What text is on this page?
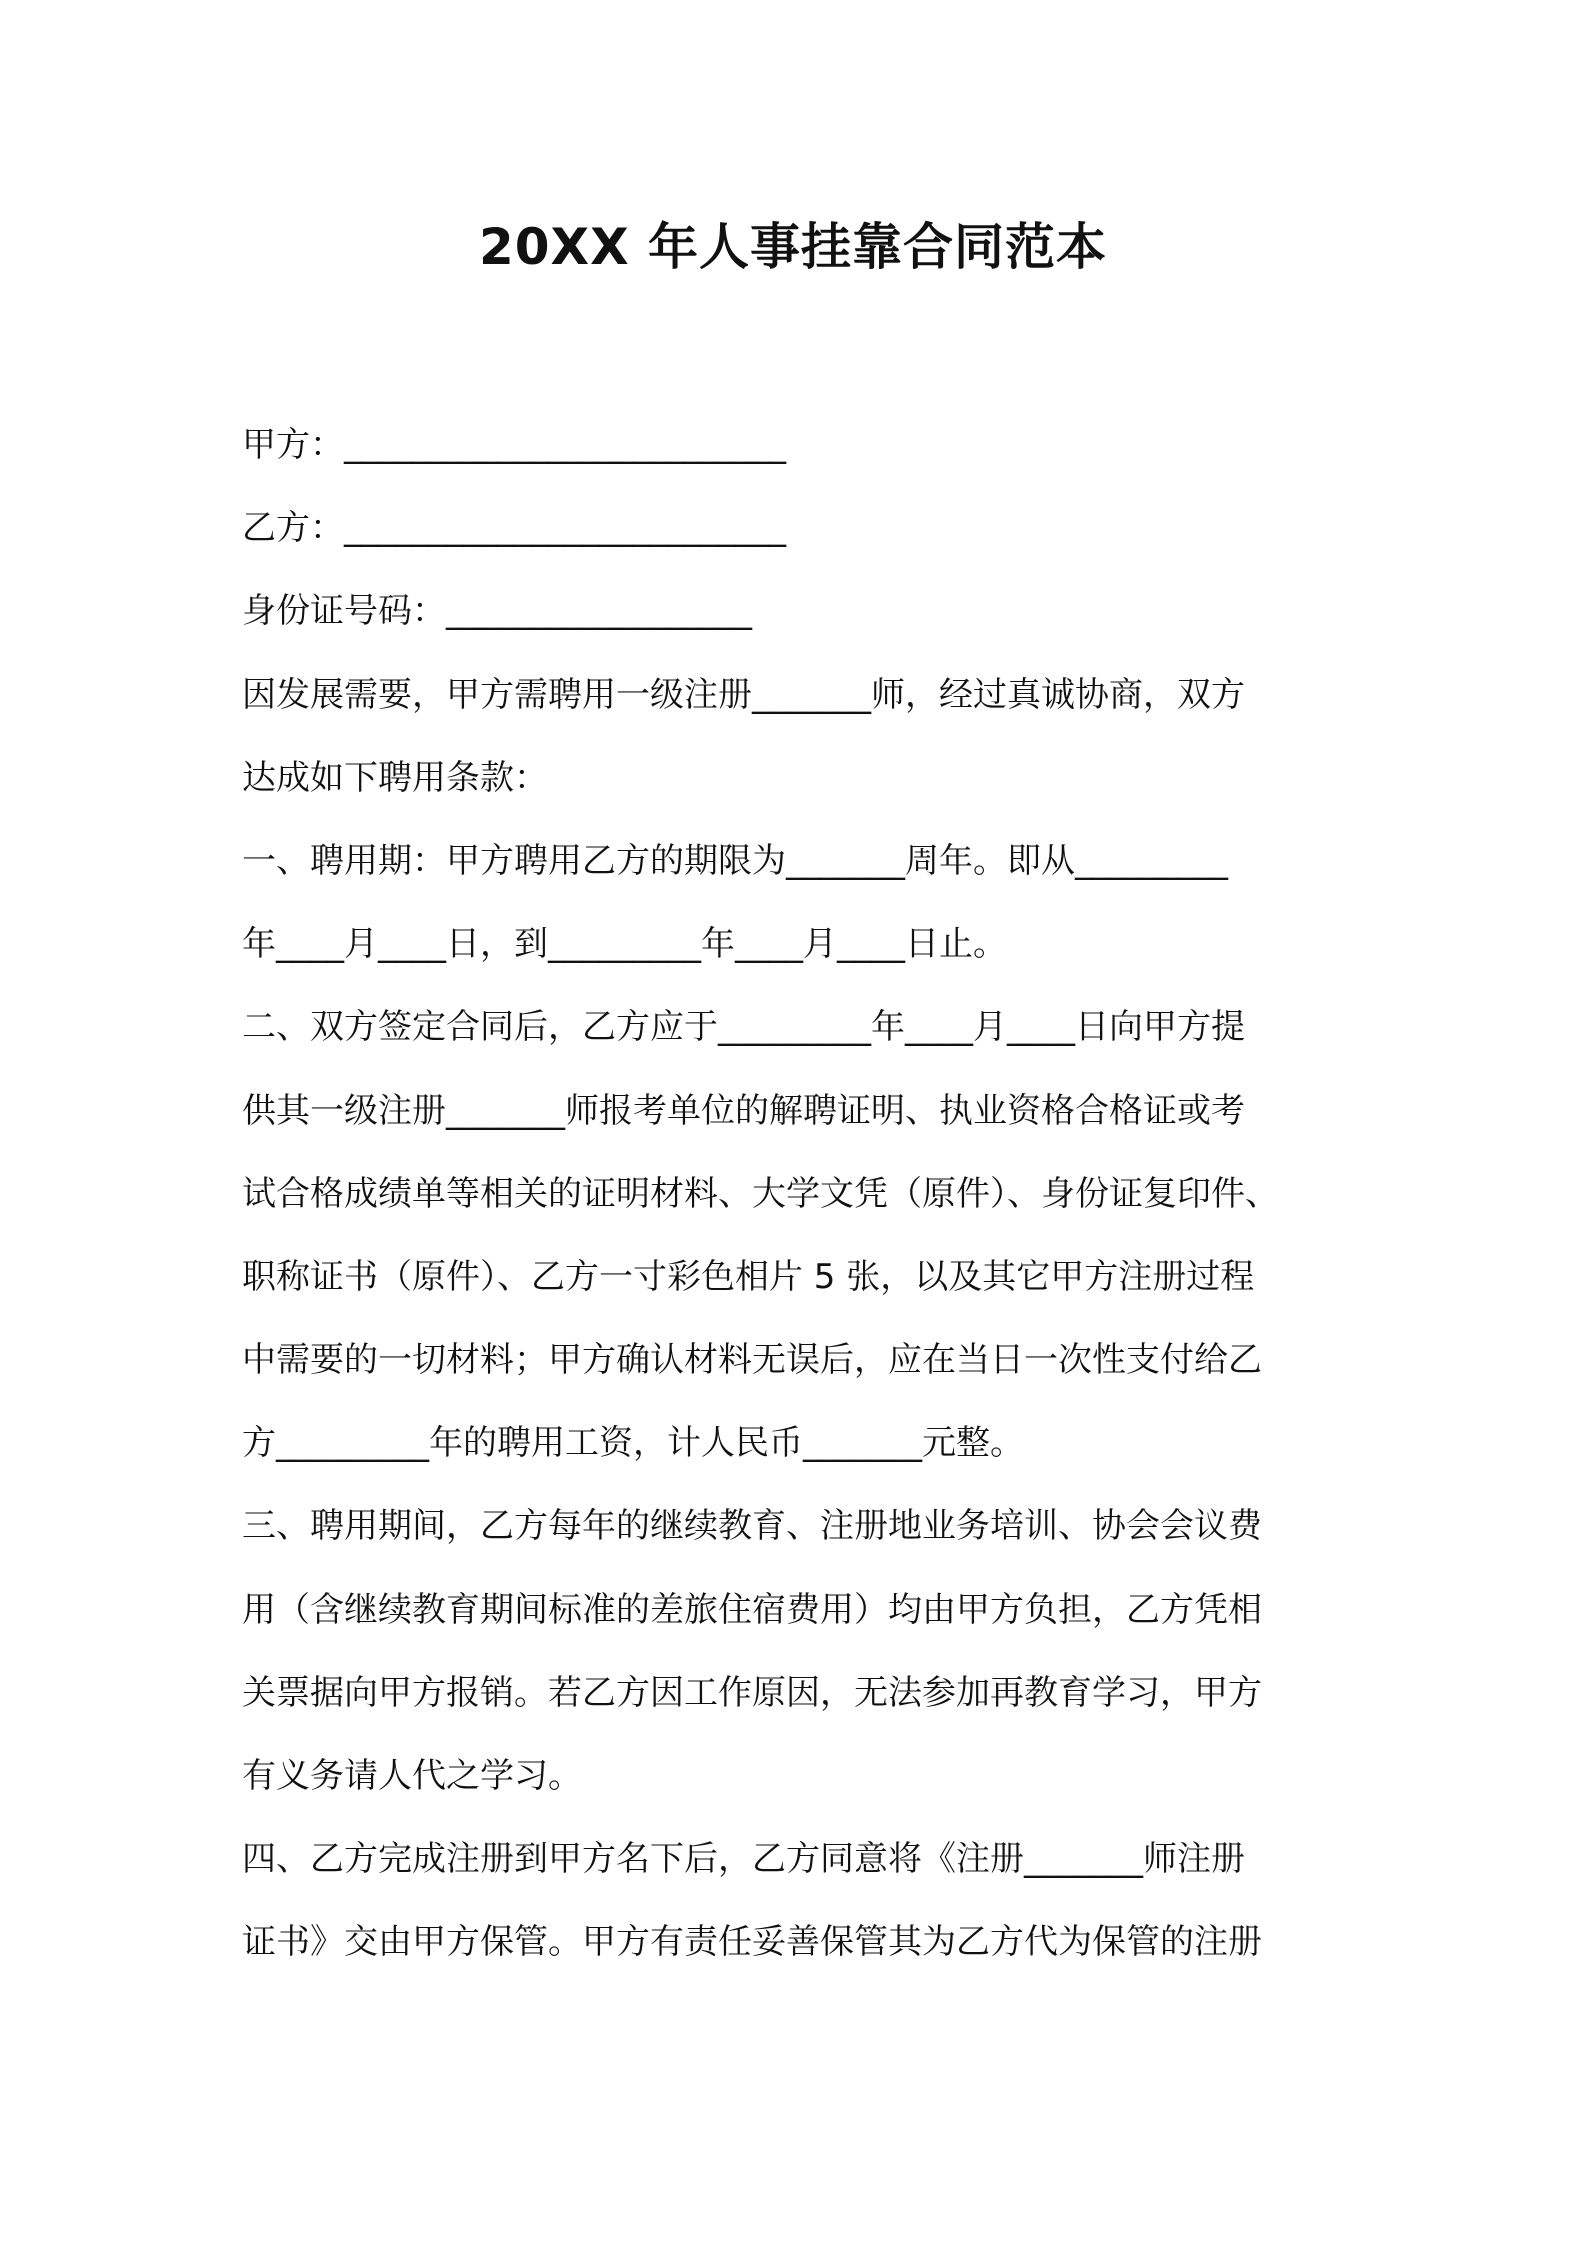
20XX 年人事挂靠合同范本
甲方：__________________________
乙方：__________________________
身份证号码：__________________
因发展需要，甲方需聘用一级注册_______师，经过真诚协商，双方
达成如下聘用条款：
一、聘用期：甲方聘用乙方的期限为_______周年。即从_________
年____月____日，到_________年____月____日止。
二、双方签定合同后，乙方应于_________年____月____日向甲方提
供其一级注册_______师报考单位的解聘证明、执业资格合格证或考
试合格成绩单等相关的证明材料、大学文凭（原件）、身份证复印件、
职称证书（原件）、乙方一寸彩色相片 5 张，以及其它甲方注册过程
中需要的一切材料；甲方确认材料无误后，应在当日一次性支付给乙
方_________年的聘用工资，计人民币_______元整。
三、聘用期间，乙方每年的继续教育、注册地业务培训、协会会议费
用（含继续教育期间标准的差旅住宿费用）均由甲方负担，乙方凭相
关票据向甲方报销。若乙方因工作原因，无法参加再教育学习，甲方
有义务请人代之学习。
四、乙方完成注册到甲方名下后，乙方同意将《注册_______师注册
证书》交由甲方保管。甲方有责任妥善保管其为乙方代为保管的注册
